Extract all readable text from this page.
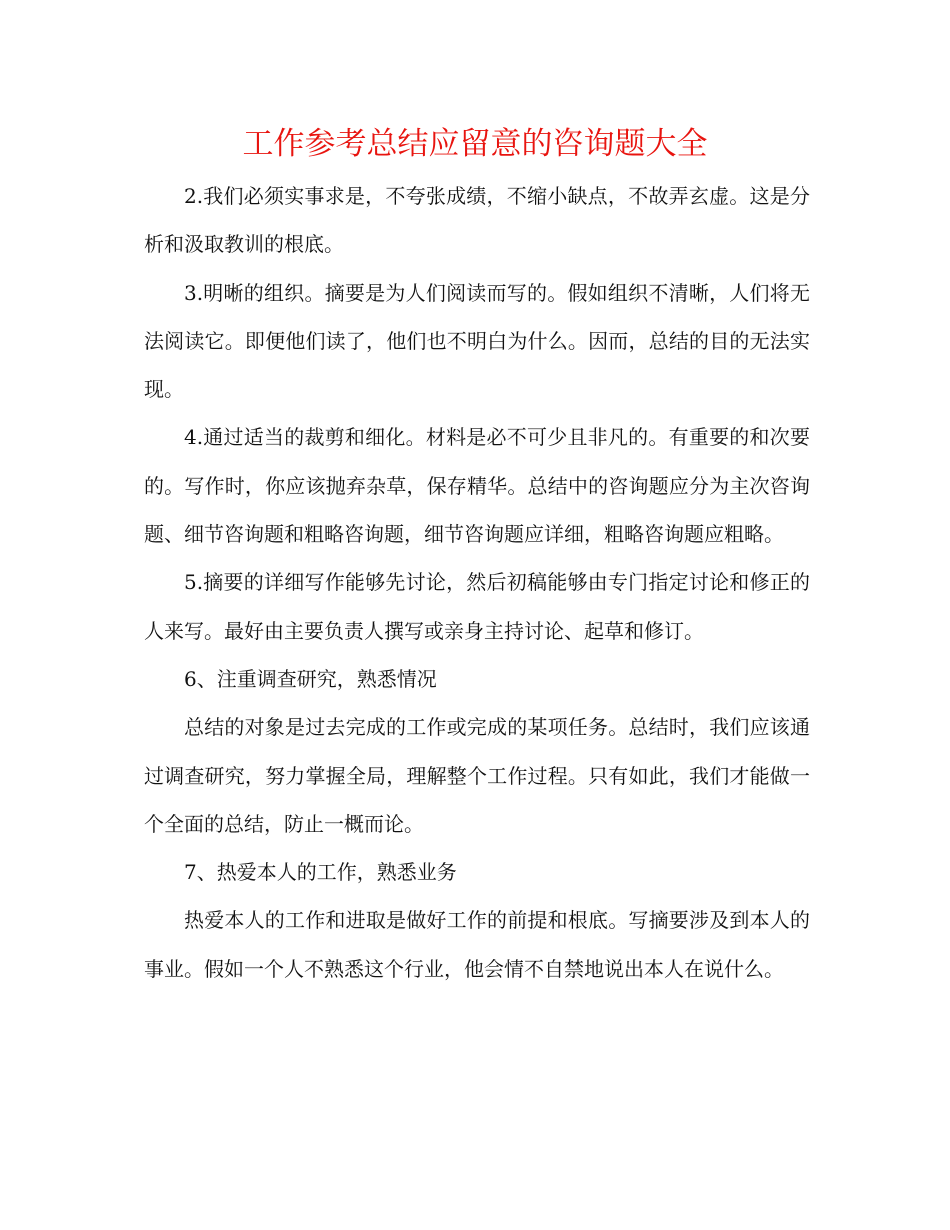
工作参考总结应留意的咨询题大全

2.我们必须实事求是，不夸张成绩，不缩小缺点，不故弄玄虚。这是分析和汲取教训的根底。

3.明晰的组织。摘要是为人们阅读而写的。假如组织不清晰，人们将无法阅读它。即便他们读了，他们也不明白为什么。因而，总结的目的无法实现。

4.通过适当的裁剪和细化。材料是必不可少且非凡的。有重要的和次要的。写作时，你应该抛弃杂草，保存精华。总结中的咨询题应分为主次咨询题、细节咨询题和粗略咨询题，细节咨询题应详细，粗略咨询题应粗略。

5.摘要的详细写作能够先讨论，然后初稿能够由专门指定讨论和修正的人来写。最好由主要负责人撰写或亲身主持讨论、起草和修订。

6、注重调查研究，熟悉情况

总结的对象是过去完成的工作或完成的某项任务。总结时，我们应该通过调查研究，努力掌握全局，理解整个工作过程。只有如此，我们才能做一个全面的总结，防止一概而论。

7、热爱本人的工作，熟悉业务

热爱本人的工作和进取是做好工作的前提和根底。写摘要涉及到本人的事业。假如一个人不熟悉这个行业，他会情不自禁地说出本人在说什么。
